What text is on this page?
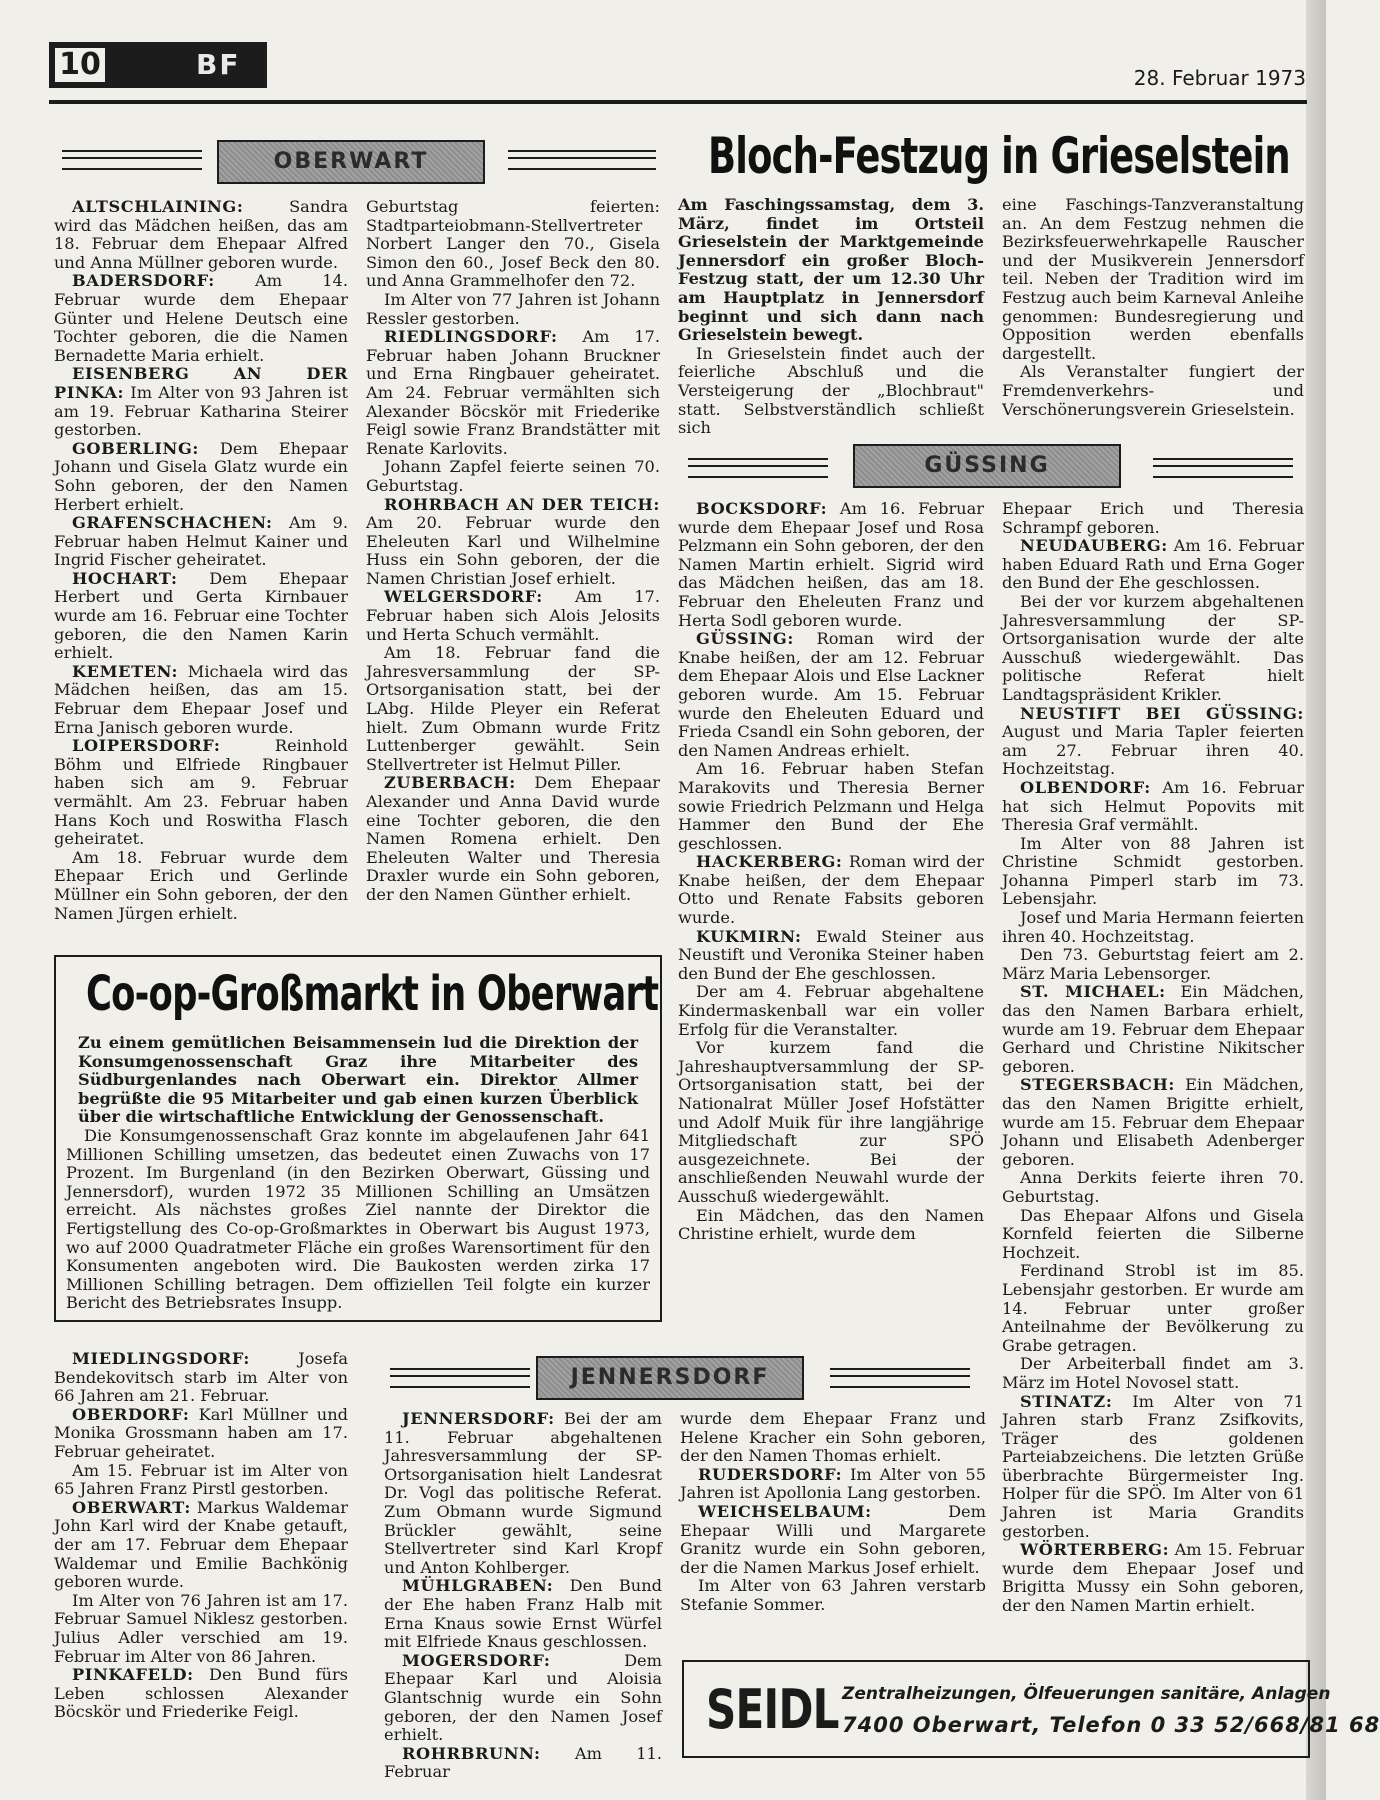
10	BF	28. Februar 1973
OBERWART	Bloch-Festzug in Grieselstein

ALTSCHLAINING: Sandra wird das Mädchen heißen, das am 18. Februar dem Ehepaar Alfred und Anna Müllner geboren wurde.

BADERSDORF: Am 14. Februar wurde dem Ehepaar Günter und Helene Deutsch eine Tochter geboren, die die Namen Bernadette Maria erhielt.

EISENBERG AN DER PINKA: Im Alter von 93 Jahren ist am 19. Februar Katharina Steirer gestorben.

GOBERLING: Dem Ehepaar Johann und Gisela Glatz wurde ein Sohn geboren, der den Namen Herbert erhielt.

GRAFENSCHACHEN: Am 9. Februar haben Helmut Kainer und Ingrid Fischer geheiratet.

HOCHART: Dem Ehepaar Herbert und Gerta Kirnbauer wurde am 16. Februar eine Tochter geboren, die den Namen Karin erhielt.

KEMETEN: Michaela wird das Mädchen heißen, das am 15. Februar dem Ehepaar Josef und Erna Janisch geboren wurde.

LOIPERSDORF: Reinhold Böhm und Elfriede Ringbauer haben sich am 9. Februar vermählt. Am 23. Februar haben Hans Koch und Roswitha Flasch geheiratet.

Am 18. Februar wurde dem Ehepaar Erich und Gerlinde Müllner ein Sohn geboren, der den Namen Jürgen erhielt.

Geburtstag feierten: Stadtparteiobmann-Stellvertreter Norbert Langer den 70., Gisela Simon den 60., Josef Beck den 80. und Anna Grammelhofer den 72.

Im Alter von 77 Jahren ist Johann Ressler gestorben.

RIEDLINGSDORF: Am 17. Februar haben Johann Bruckner und Erna Ringbauer geheiratet. Am 24. Februar vermählten sich Alexander Böcskör mit Friederike Feigl sowie Franz Brandstätter mit Renate Karlovits.

Johann Zapfel feierte seinen 70. Geburtstag.

ROHRBACH AN DER TEICH: Am 20. Februar wurde den Eheleuten Karl und Wilhelmine Huss ein Sohn geboren, der die Namen Christian Josef erhielt.

WELGERSDORF: Am 17. Februar haben sich Alois Jelosits und Herta Schuch vermählt.

Am 18. Februar fand die Jahresversammlung der SP-Ortsorganisation statt, bei der LAbg. Hilde Pleyer ein Referat hielt. Zum Obmann wurde Fritz Luttenberger gewählt. Sein Stellvertreter ist Helmut Piller.

ZUBERBACH: Dem Ehepaar Alexander und Anna David wurde eine Tochter geboren, die den Namen Romena erhielt. Den Eheleuten Walter und Theresia Draxler wurde ein Sohn geboren, der den Namen Günther erhielt.

Am Faschingssamstag, dem 3. März, findet im Ortsteil Grieselstein der Marktgemeinde Jennersdorf ein großer Bloch-Festzug statt, der um 12.30 Uhr am Hauptplatz in Jennersdorf beginnt und sich dann nach Grieselstein bewegt.

In Grieselstein findet auch der feierliche Abschluß und die Versteigerung der „Blochbraut" statt. Selbstverständlich schließt sich

eine Faschings-Tanzveranstaltung an. An dem Festzug nehmen die Bezirksfeuerwehrkapelle Rauscher und der Musikverein Jennersdorf teil. Neben der Tradition wird im Festzug auch beim Karneval Anleihe genommen: Bundesregierung und Opposition werden ebenfalls dargestellt.

Als Veranstalter fungiert der Fremdenverkehrs- und Verschönerungsverein Grieselstein.

GÜSSING

BOCKSDORF: Am 16. Februar wurde dem Ehepaar Josef und Rosa Pelzmann ein Sohn geboren, der den Namen Martin erhielt. Sigrid wird das Mädchen heißen, das am 18. Februar den Eheleuten Franz und Herta Sodl geboren wurde.

GÜSSING: Roman wird der Knabe heißen, der am 12. Februar dem Ehepaar Alois und Else Lackner geboren wurde. Am 15. Februar wurde den Eheleuten Eduard und Frieda Csandl ein Sohn geboren, der den Namen Andreas erhielt.

Am 16. Februar haben Stefan Marakovits und Theresia Berner sowie Friedrich Pelzmann und Helga Hammer den Bund der Ehe geschlossen.

HACKERBERG: Roman wird der Knabe heißen, der dem Ehepaar Otto und Renate Fabsits geboren wurde.

KUKMIRN: Ewald Steiner aus Neustift und Veronika Steiner haben den Bund der Ehe geschlossen.

Der am 4. Februar abgehaltene Kindermaskenball war ein voller Erfolg für die Veranstalter.

Vor kurzem fand die Jahreshauptversammlung der SP-Ortsorganisation statt, bei der Nationalrat Müller Josef Hofstätter und Adolf Muik für ihre langjährige Mitgliedschaft zur SPÖ ausgezeichnete. Bei der anschließenden Neuwahl wurde der Ausschuß wiedergewählt.

Ein Mädchen, das den Namen Christine erhielt, wurde dem

Ehepaar Erich und Theresia Schrampf geboren.

NEUDAUBERG: Am 16. Februar haben Eduard Rath und Erna Goger den Bund der Ehe geschlossen.

Bei der vor kurzem abgehaltenen Jahresversammlung der SP-Ortsorganisation wurde der alte Ausschuß wiedergewählt. Das politische Referat hielt Landtagspräsident Krikler.

NEUSTIFT BEI GÜSSING: August und Maria Tapler feierten am 27. Februar ihren 40. Hochzeitstag.

OLBENDORF: Am 16. Februar hat sich Helmut Popovits mit Theresia Graf vermählt.

Im Alter von 88 Jahren ist Christine Schmidt gestorben. Johanna Pimperl starb im 73. Lebensjahr.

Josef und Maria Hermann feierten ihren 40. Hochzeitstag.

Den 73. Geburtstag feiert am 2. März Maria Lebensorger.

ST. MICHAEL: Ein Mädchen, das den Namen Barbara erhielt, wurde am 19. Februar dem Ehepaar Gerhard und Christine Nikitscher geboren.

STEGERSBACH: Ein Mädchen, das den Namen Brigitte erhielt, wurde am 15. Februar dem Ehepaar Johann und Elisabeth Adenberger geboren.

Anna Derkits feierte ihren 70. Geburtstag.

Das Ehepaar Alfons und Gisela Kornfeld feierten die Silberne Hochzeit.

Ferdinand Strobl ist im 85. Lebensjahr gestorben. Er wurde am 14. Februar unter großer Anteilnahme der Bevölkerung zu Grabe getragen.

Der Arbeiterball findet am 3. März im Hotel Novosel statt.

STINATZ: Im Alter von 71 Jahren starb Franz Zsifkovits, Träger des goldenen Parteiabzeichens. Die letzten Grüße überbrachte Bürgermeister Ing. Holper für die SPÖ. Im Alter von 61 Jahren ist Maria Grandits gestorben.

WÖRTERBERG: Am 15. Februar wurde dem Ehepaar Josef und Brigitta Mussy ein Sohn geboren, der den Namen Martin erhielt.

Co-op-Großmarkt in Oberwart

Zu einem gemütlichen Beisammensein lud die Direktion der Konsumgenossenschaft Graz ihre Mitarbeiter des Südburgenlandes nach Oberwart ein. Direktor Allmer begrüßte die 95 Mitarbeiter und gab einen kurzen Überblick über die wirtschaftliche Entwicklung der Genossenschaft.

Die Konsumgenossenschaft Graz konnte im abgelaufenen Jahr 641 Millionen Schilling umsetzen, das bedeutet einen Zuwachs von 17 Prozent. Im Burgenland (in den Bezirken Oberwart, Güssing und Jennersdorf), wurden 1972 35 Millionen Schilling an Umsätzen erreicht. Als nächstes großes Ziel nannte der Direktor die Fertigstellung des Co-op-Großmarktes in Oberwart bis August 1973, wo auf 2000 Quadratmeter Fläche ein großes Warensortiment für den Konsumenten angeboten wird. Die Baukosten werden zirka 17 Millionen Schilling betragen. Dem offiziellen Teil folgte ein kurzer Bericht des Betriebsrates Insupp.

MIEDLINGSDORF: Josefa Bendekovitsch starb im Alter von 66 Jahren am 21. Februar.

OBERDORF: Karl Müllner und Monika Grossmann haben am 17. Februar geheiratet.

Am 15. Februar ist im Alter von 65 Jahren Franz Pirstl gestorben.

OBERWART: Markus Waldemar John Karl wird der Knabe getauft, der am 17. Februar dem Ehepaar Waldemar und Emilie Bachkönig geboren wurde.

Im Alter von 76 Jahren ist am 17. Februar Samuel Niklesz gestorben. Julius Adler verschied am 19. Februar im Alter von 86 Jahren.

PINKAFELD: Den Bund fürs Leben schlossen Alexander Böcskör und Friederike Feigl.

JENNERSDORF

JENNERSDORF: Bei der am 11. Februar abgehaltenen Jahresversammlung der SP-Ortsorganisation hielt Landesrat Dr. Vogl das politische Referat. Zum Obmann wurde Sigmund Brückler gewählt, seine Stellvertreter sind Karl Kropf und Anton Kohlberger.

MÜHLGRABEN: Den Bund der Ehe haben Franz Halb mit Erna Knaus sowie Ernst Würfel mit Elfriede Knaus geschlossen.

MOGERSDORF: Dem Ehepaar Karl und Aloisia Glantschnig wurde ein Sohn geboren, der den Namen Josef erhielt.

ROHRBRUNN: Am 11. Februar

wurde dem Ehepaar Franz und Helene Kracher ein Sohn geboren, der den Namen Thomas erhielt.

RUDERSDORF: Im Alter von 55 Jahren ist Apollonia Lang gestorben.

WEICHSELBAUM: Dem Ehepaar Willi und Margarete Granitz wurde ein Sohn geboren, der die Namen Markus Josef erhielt.

Im Alter von 63 Jahren verstarb Stefanie Sommer.

SEIDL Zentralheizungen, Ölfeuerungen sanitäre, Anlagen
7400 Oberwart, Telefon 0 33 52/668/81 68
